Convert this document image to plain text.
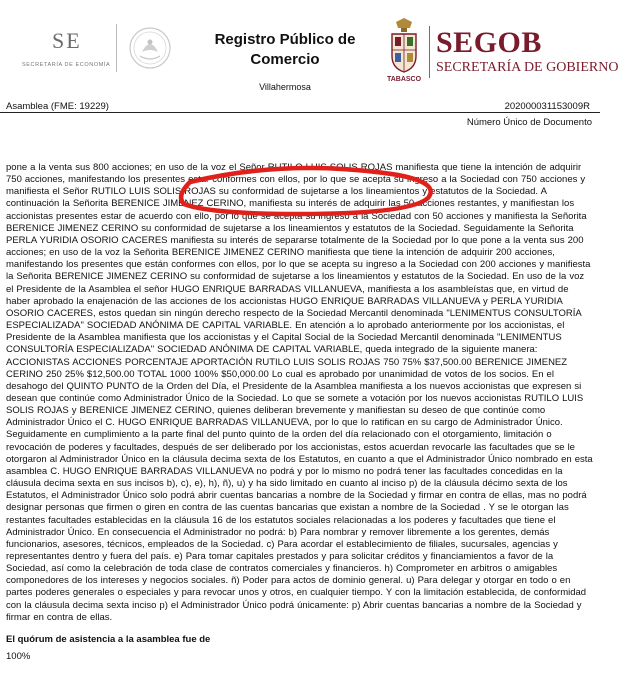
SE
SECRETARÍA DE ECONOMÍA
Registro Público de Comercio
Villahermosa
TABASCO
SEGOB
SECRETARÍA DE GOBIERNO
Asamblea (FME: 19229)	202000031153009R
Número Único de Documento
pone a la venta sus 800 acciones; en uso de la voz el Señor RUTILO LUIS SOLIS ROJAS manifiesta que tiene la intención de adquirir 750 acciones, manifestando los presentes estar conformes con ellos, por lo que se acepta su ingreso a la Sociedad con 750 acciones y manifiesta el Señor RUTILO LUIS SOLIS ROJAS su conformidad de sujetarse a los lineamientos y estatutos de la Sociedad. A continuación la Señorita BERENICE JIMENEZ CERINO, manifiesta su interés de adquirir las 50 acciones restantes, y manifiestan los accionistas presentes estar de acuerdo con ello, por lo que se acepta su ingreso a la Sociedad con 50 acciones y manifiesta la Señorita BERENICE JIMENEZ CERINO su conformidad de sujetarse a los lineamientos y estatutos de la Sociedad. Seguidamente la Señorita PERLA YURIDIA OSORIO CACERES manifiesta su interés de separarse totalmente de la Sociedad por lo que pone a la venta sus 200 acciones; en uso de la voz la Señorita BERENICE JIMENEZ CERINO manifiesta que tiene la intención de adquirir 200 acciones, manifestando los presentes que están conformes con ellos, por lo que se acepta su ingreso a la Sociedad con 200 acciones y manifiesta la Señorita BERENICE JIMENEZ CERINO su conformidad de sujetarse a los lineamientos y estatutos de la Sociedad. En uso de la voz el Presidente de la Asamblea el señor HUGO ENRIQUE BARRADAS VILLANUEVA, manifiesta a los asambleístas que, en virtud de haber aprobado la enajenación de las acciones de los accionistas HUGO ENRIQUE BARRADAS VILLANUEVA y PERLA YURIDIA OSORIO CACERES, estos quedan sin ningún derecho respecto de la Sociedad Mercantil denominada "LENIMENTUS CONSULTORÍA ESPECIALIZADA" SOCIEDAD ANÓNIMA DE CAPITAL VARIABLE. En atención a lo aprobado anteriormente por los accionistas, el Presidente de la Asamblea manifiesta que los accionistas y el Capital Social de la Sociedad Mercantil denominada "LENIMENTUS CONSULTORÍA ESPECIALIZADA" SOCIEDAD ANÓNIMA DE CAPITAL VARIABLE, queda integrado de la siguiente manera: ACCIONISTAS ACCIONES PORCENTAJE APORTACIÓN RUTILO LUIS SOLIS ROJAS 750 75% $37,500.00 BERENICE JIMENEZ CERINO 250 25% $12,500.00 TOTAL 1000 100% $50,000.00 Lo cual es aprobado por unanimidad de votos de los socios. En el desahogo del QUINTO PUNTO de la Orden del Día, el Presidente de la Asamblea manifiesta a los nuevos accionistas que expresen si desean que continúe como Administrador Único de la Sociedad. Lo que se somete a votación por los nuevos accionistas RUTILO LUIS SOLIS ROJAS y BERENICE JIMENEZ CERINO, quienes deliberan brevemente y manifiestan su deseo de que continúe como Administrador Único el C. HUGO ENRIQUE BARRADAS VILLANUEVA, por lo que lo ratifican en su cargo de Administrador Único. Seguidamente en cumplimiento a la parte final del punto quinto de la orden del día relacionado con el otorgamiento, limitación o revocación de poderes y facultades, después de ser deliberado por los accionistas, estos acuerdan revocarle las facultades que se le otorgaron al Administrador Único en la cláusula decima sexta de los Estatutos, en cuanto a que el Administrador Único nombrado en esta asamblea C. HUGO ENRIQUE BARRADAS VILLANUEVA no podrá y por lo mismo no podrá tener las facultades concedidas en la cláusula decima sexta en sus incisos b), c), e), h), ñ), u) y ha sido limitado en cuanto al inciso p) de la cláusula décimo sexta de los Estatutos, el Administrador Único solo podrá abrir cuentas bancarias a nombre de la Sociedad y firmar en contra de ellas, mas no podrá designar personas que firmen o giren en contra de las cuentas bancarias que existan a nombre de la Sociedad . Y se le otorgan las restantes facultades establecidas en la cláusula 16 de los estatutos sociales relacionadas a los poderes y facultades que tiene el Administrador Único. En consecuencia el Administrador no podrá: b) Para nombrar y remover libremente a los gerentes, demás funcionarios, asesores, técnicos, empleados de la Sociedad. c) Para acordar el establecimiento de filiales, sucursales, agencias y representantes dentro y fuera del país. e) Para tomar capitales prestados y para solicitar créditos y financiamientos a favor de la Sociedad, así como la celebración de toda clase de contratos comerciales y financieros. h) Comprometer en arbitros o amigables componedores de los intereses y negocios sociales. ñ) Poder para actos de dominio general. u) Para delegar y otorgar en todo o en partes poderes generales o especiales y para revocar unos y otros, en cualquier tiempo. Y con la limitación establecida, de conformidad con la cláusula decima sexta inciso p) el Administrador Único podrá únicamente: p) Abrir cuentas bancarias a nombre de la Sociedad y firmar en contra de ellas.
El quórum de asistencia a la asamblea fue de
100%
